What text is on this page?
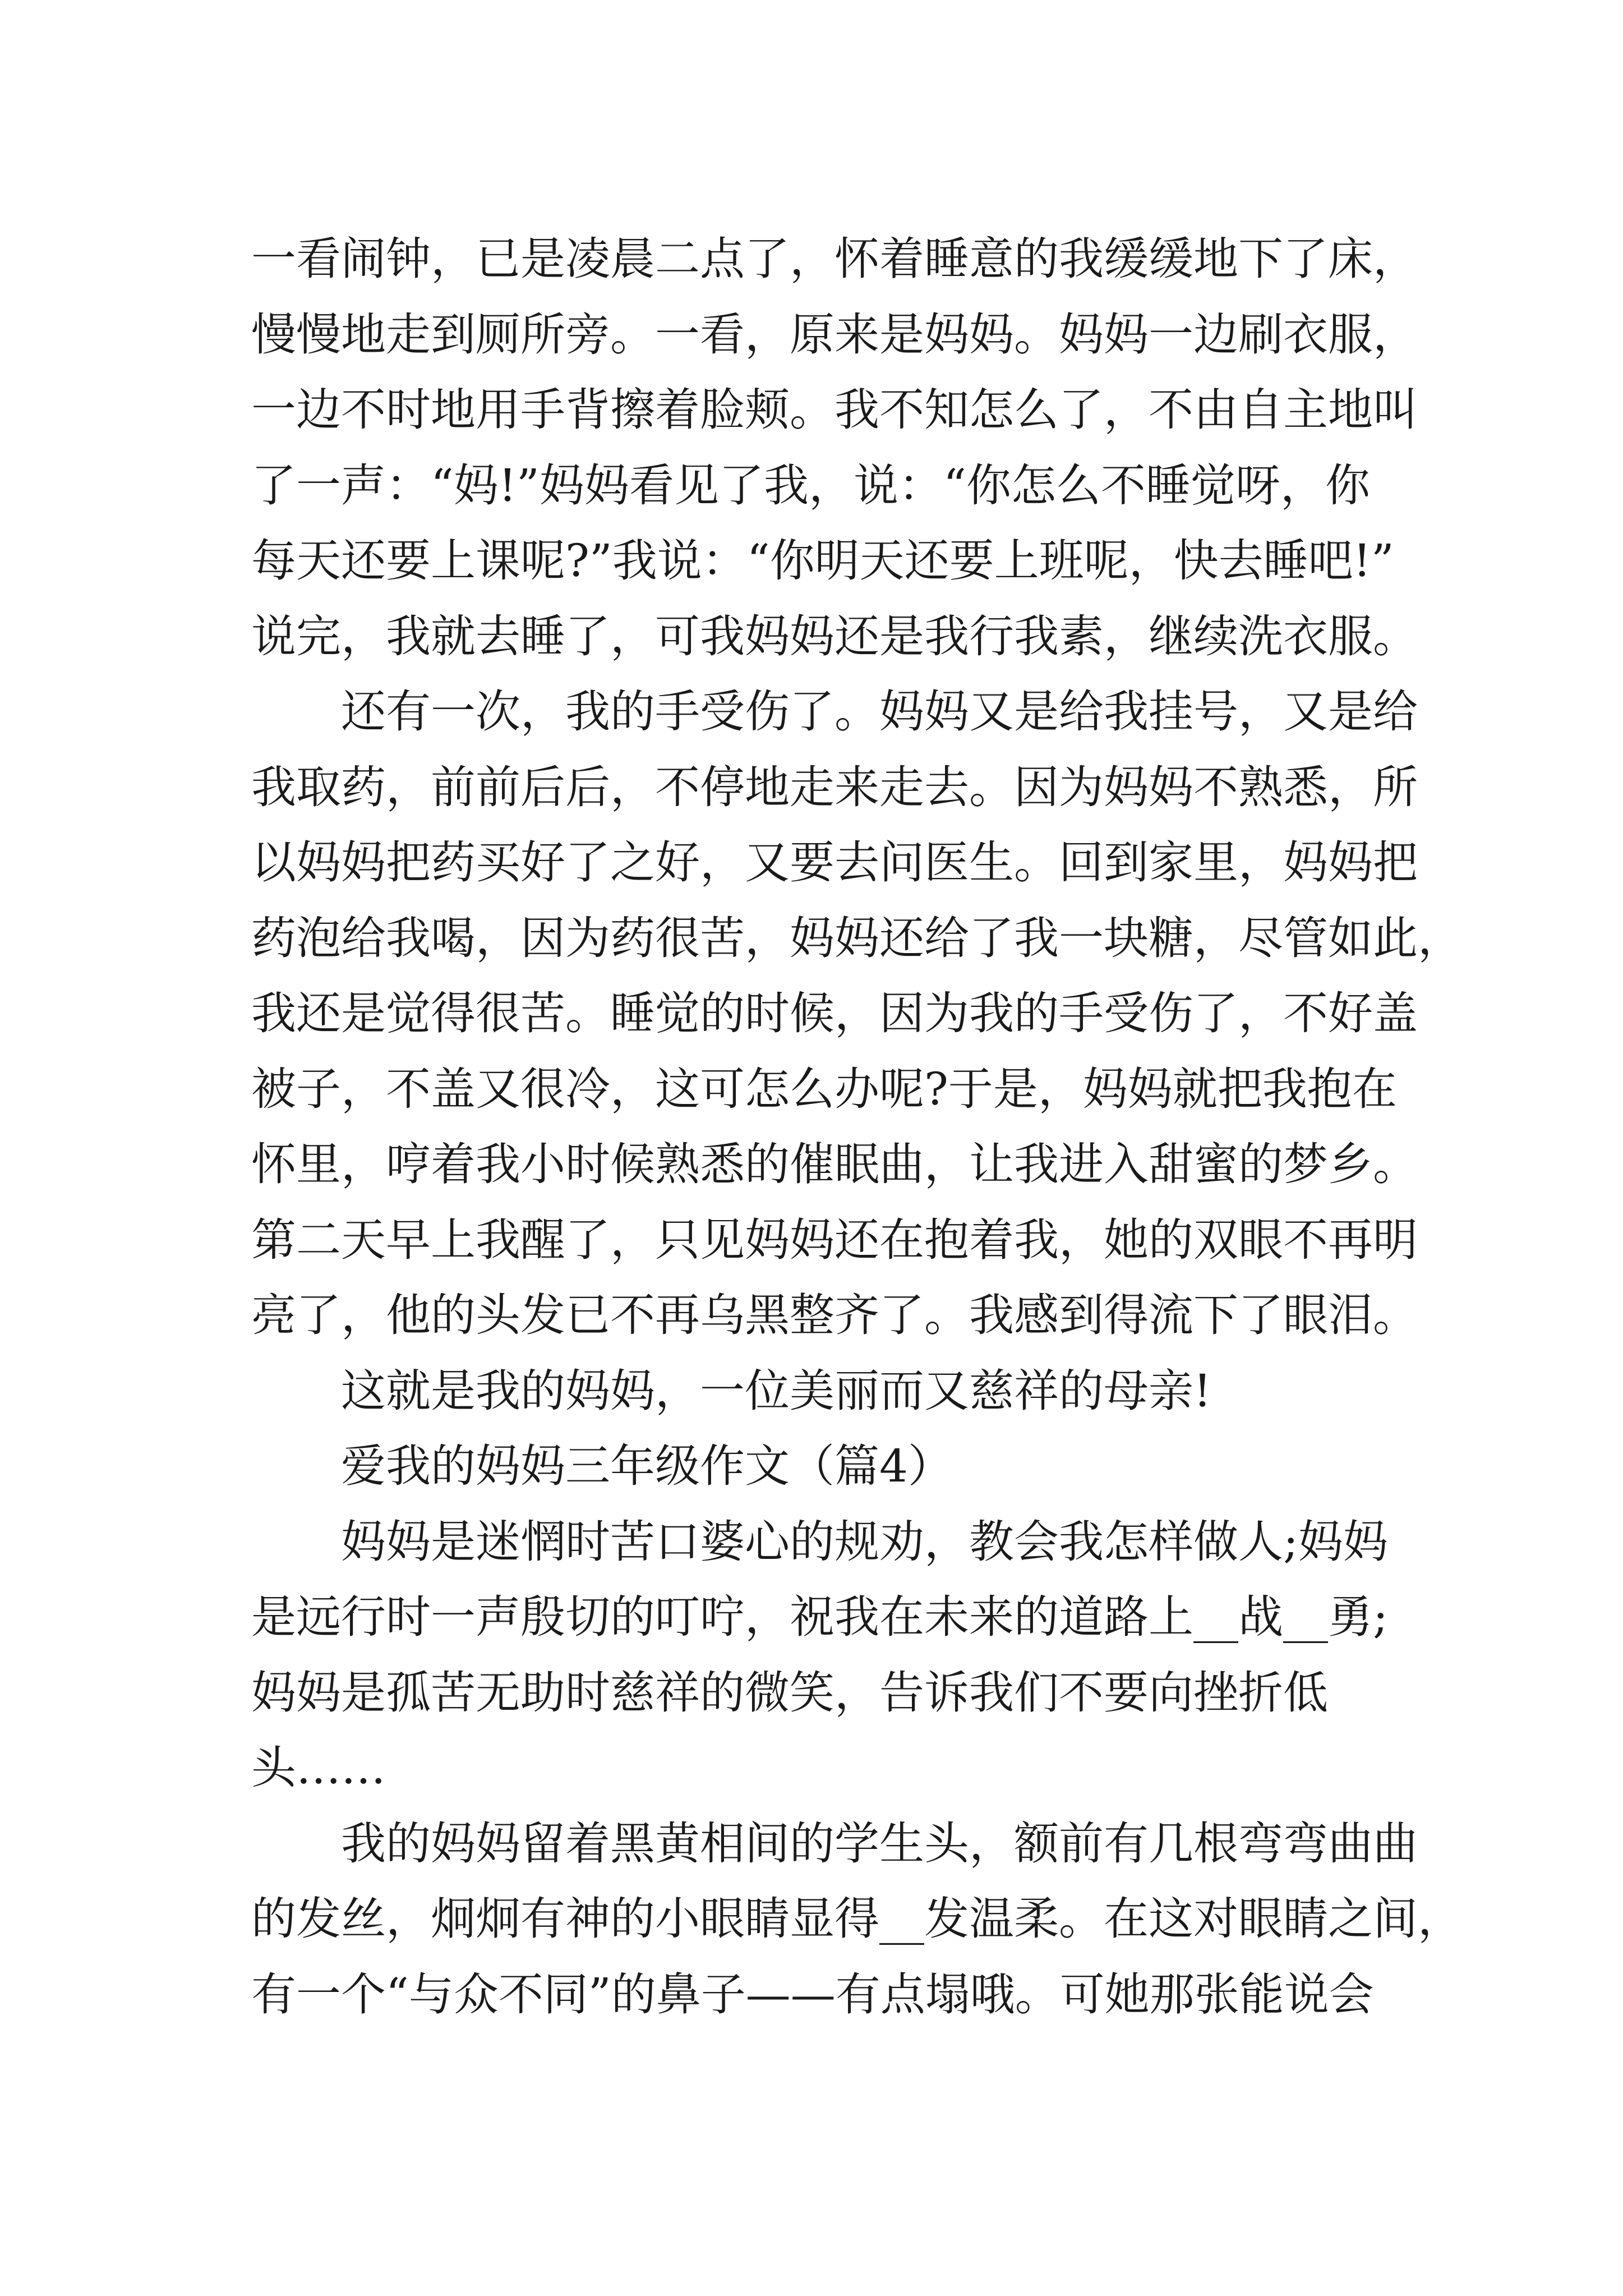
一看闹钟，已是凌晨二点了，怀着睡意的我缓缓地下了床，
慢慢地走到厕所旁。一看，原来是妈妈。妈妈一边刷衣服，
一边不时地用手背擦着脸颊。我不知怎么了，不由自主地叫
了一声：“妈!”妈妈看见了我，说：“你怎么不睡觉呀，你
每天还要上课呢?”我说：“你明天还要上班呢，快去睡吧!”
说完，我就去睡了，可我妈妈还是我行我素，继续洗衣服。
还有一次，我的手受伤了。妈妈又是给我挂号，又是给
我取药，前前后后，不停地走来走去。因为妈妈不熟悉，所
以妈妈把药买好了之好，又要去问医生。回到家里，妈妈把
药泡给我喝，因为药很苦，妈妈还给了我一块糖，尽管如此，
我还是觉得很苦。睡觉的时候，因为我的手受伤了，不好盖
被子，不盖又很冷，这可怎么办呢?于是，妈妈就把我抱在
怀里，哼着我小时候熟悉的催眠曲，让我进入甜蜜的梦乡。
第二天早上我醒了，只见妈妈还在抱着我，她的双眼不再明
亮了，他的头发已不再乌黑整齐了。我感到得流下了眼泪。
这就是我的妈妈，一位美丽而又慈祥的母亲!
爱我的妈妈三年级作文（篇4）
妈妈是迷惘时苦口婆心的规劝，教会我怎样做人;妈妈
是远行时一声殷切的叮咛，祝我在未来的道路上__战__勇;
妈妈是孤苦无助时慈祥的微笑，告诉我们不要向挫折低
头……
我的妈妈留着黑黄相间的学生头，额前有几根弯弯曲曲
的发丝，炯炯有神的小眼睛显得__发温柔。在这对眼睛之间，
有一个“与众不同”的鼻子——有点塌哦。可她那张能说会
